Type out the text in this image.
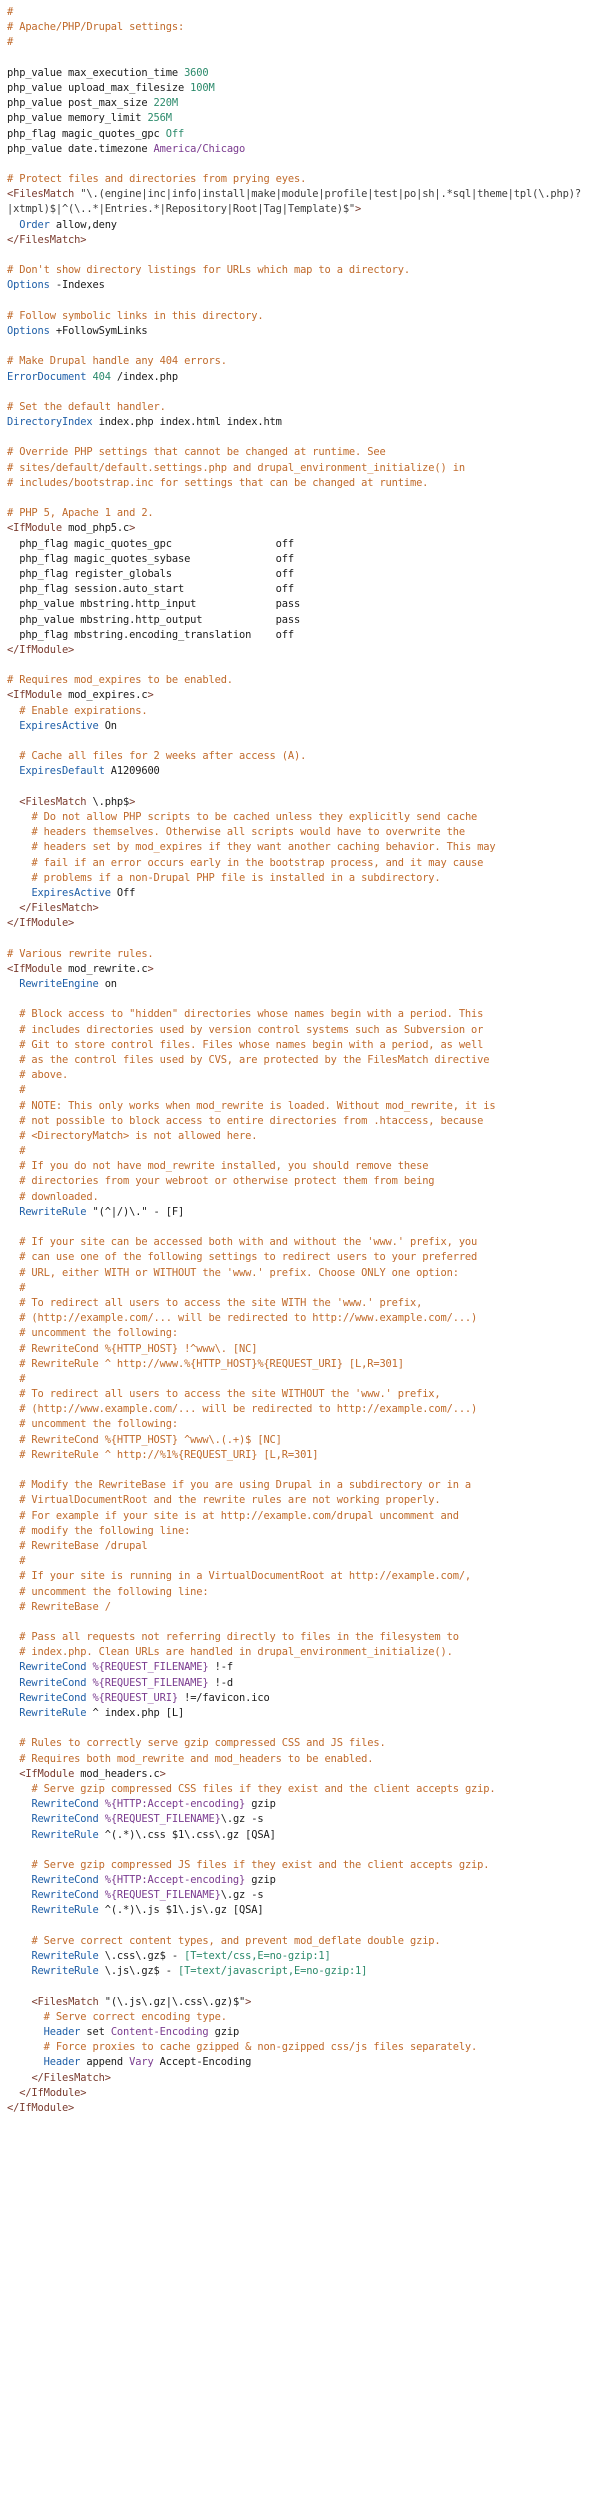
#
# Apache/PHP/Drupal settings:
#
php_value max_execution_time 3600
php_value upload_max_filesize 100M
php_value post_max_size 220M
php_value memory_limit 256M
php_flag magic_quotes_gpc Off
php_value date.timezone America/Chicago
# Protect files and directories from prying eyes.
<FilesMatch "\.(engine|inc|info|install|make|module|profile|test|po|sh|.*sql|theme|tpl(\.php)?
|xtmpl)$|^(\..*|Entries.*|Repository|Root|Tag|Template)$">
Order allow,deny
</FilesMatch>
# Don't show directory listings for URLs which map to a directory.
Options -Indexes
# Follow symbolic links in this directory.
Options +FollowSymLinks
# Make Drupal handle any 404 errors.
ErrorDocument 404 /index.php
# Set the default handler.
DirectoryIndex index.php index.html index.htm
# Override PHP settings that cannot be changed at runtime. See
# sites/default/default.settings.php and drupal_environment_initialize() in
# includes/bootstrap.inc for settings that can be changed at runtime.
# PHP 5, Apache 1 and 2.
<IfModule mod_php5.c>
php_flag magic_quotes_gpc                 off
php_flag magic_quotes_sybase              off
php_flag register_globals                 off
php_flag session.auto_start               off
php_value mbstring.http_input             pass
php_value mbstring.http_output            pass
php_flag mbstring.encoding_translation    off
</IfModule>
# Requires mod_expires to be enabled.
<IfModule mod_expires.c>
# Enable expirations.
ExpiresActive On
# Cache all files for 2 weeks after access (A).
ExpiresDefault A1209600
<FilesMatch \.php$>
# Do not allow PHP scripts to be cached unless they explicitly send cache
# headers themselves. Otherwise all scripts would have to overwrite the
# headers set by mod_expires if they want another caching behavior. This may
# fail if an error occurs early in the bootstrap process, and it may cause
# problems if a non-Drupal PHP file is installed in a subdirectory.
ExpiresActive Off
</FilesMatch>
</IfModule>
# Various rewrite rules.
<IfModule mod_rewrite.c>
RewriteEngine on
# Block access to "hidden" directories whose names begin with a period. This
# includes directories used by version control systems such as Subversion or
# Git to store control files. Files whose names begin with a period, as well
# as the control files used by CVS, are protected by the FilesMatch directive
# above.
#
# NOTE: This only works when mod_rewrite is loaded. Without mod_rewrite, it is
# not possible to block access to entire directories from .htaccess, because
# <DirectoryMatch> is not allowed here.
#
# If you do not have mod_rewrite installed, you should remove these
# directories from your webroot or otherwise protect them from being
# downloaded.
RewriteRule "(^|/)\." - [F]
# If your site can be accessed both with and without the 'www.' prefix, you
# can use one of the following settings to redirect users to your preferred
# URL, either WITH or WITHOUT the 'www.' prefix. Choose ONLY one option:
#
# To redirect all users to access the site WITH the 'www.' prefix,
# (http://example.com/... will be redirected to http://www.example.com/...)
# uncomment the following:
# RewriteCond %{HTTP_HOST} !^www\. [NC]
# RewriteRule ^ http://www.%{HTTP_HOST}%{REQUEST_URI} [L,R=301]
#
# To redirect all users to access the site WITHOUT the 'www.' prefix,
# (http://www.example.com/... will be redirected to http://example.com/...)
# uncomment the following:
# RewriteCond %{HTTP_HOST} ^www\.(.+)$ [NC]
# RewriteRule ^ http://%1%{REQUEST_URI} [L,R=301]
# Modify the RewriteBase if you are using Drupal in a subdirectory or in a
# VirtualDocumentRoot and the rewrite rules are not working properly.
# For example if your site is at http://example.com/drupal uncomment and
# modify the following line:
# RewriteBase /drupal
#
# If your site is running in a VirtualDocumentRoot at http://example.com/,
# uncomment the following line:
# RewriteBase /
# Pass all requests not referring directly to files in the filesystem to
# index.php. Clean URLs are handled in drupal_environment_initialize().
RewriteCond %{REQUEST_FILENAME} !-f
RewriteCond %{REQUEST_FILENAME} !-d
RewriteCond %{REQUEST_URI} !=/favicon.ico
RewriteRule ^ index.php [L]
# Rules to correctly serve gzip compressed CSS and JS files.
# Requires both mod_rewrite and mod_headers to be enabled.
<IfModule mod_headers.c>
# Serve gzip compressed CSS files if they exist and the client accepts gzip.
RewriteCond %{HTTP:Accept-encoding} gzip
RewriteCond %{REQUEST_FILENAME}\.gz -s
RewriteRule ^(.*)\.css $1\.css\.gz [QSA]
# Serve gzip compressed JS files if they exist and the client accepts gzip.
RewriteCond %{HTTP:Accept-encoding} gzip
RewriteCond %{REQUEST_FILENAME}\.gz -s
RewriteRule ^(.*)\.js $1\.js\.gz [QSA]
# Serve correct content types, and prevent mod_deflate double gzip.
RewriteRule \.css\.gz$ - [T=text/css,E=no-gzip:1]
RewriteRule \.js\.gz$ - [T=text/javascript,E=no-gzip:1]
<FilesMatch "(\.js\.gz|\.css\.gz)$">
# Serve correct encoding type.
Header set Content-Encoding gzip
# Force proxies to cache gzipped & non-gzipped css/js files separately.
Header append Vary Accept-Encoding
</FilesMatch>
</IfModule>
</IfModule>
